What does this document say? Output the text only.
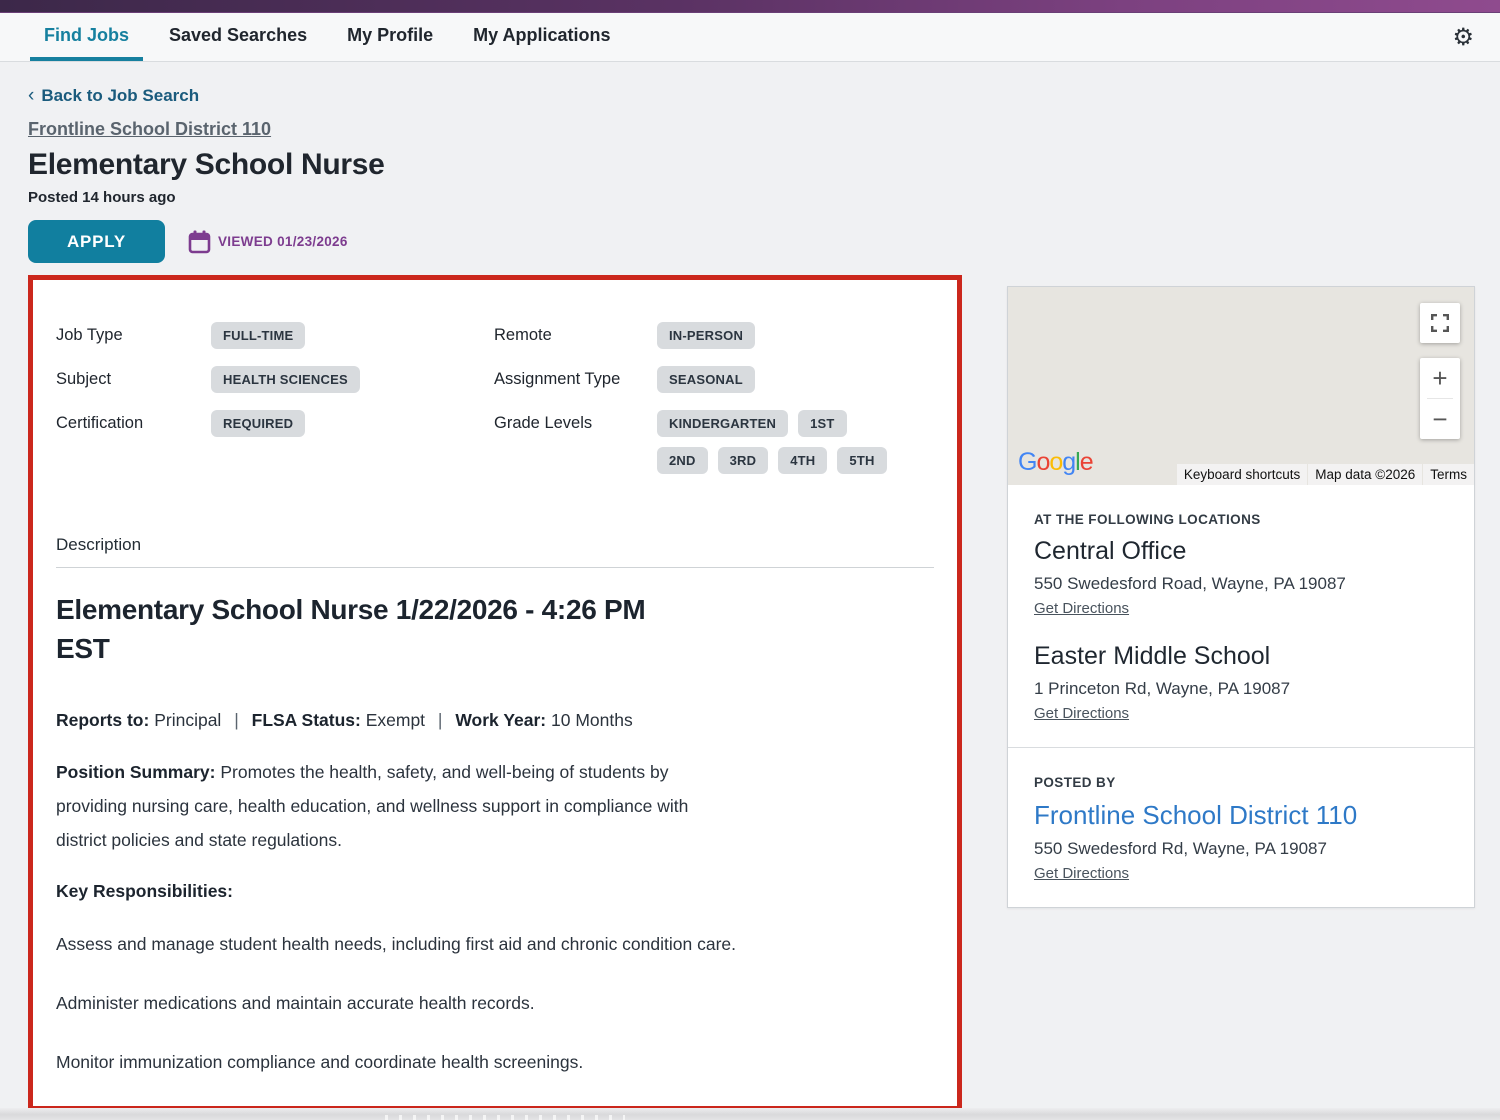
Find Jobs	Saved Searches	My Profile	My Applications	⚙
‹ Back to Job Search
Frontline School District 110
Elementary School Nurse
Posted 14 hours ago
APPLY	VIEWED 01/23/2026
Job Type	FULL-TIME
Subject	HEALTH SCIENCES
Certification	REQUIRED
Remote	IN-PERSON
Assignment Type	SEASONAL
Grade Levels	KINDERGARTEN	1ST
2ND	3RD	4TH	5TH
Description
Elementary School Nurse 1/22/2026 - 4:26 PM EST
Reports to: Principal | FLSA Status: Exempt | Work Year: 10 Months

Position Summary: Promotes the health, safety, and well-being of students by providing nursing care, health education, and wellness support in compliance with district policies and state regulations.

Key Responsibilities:

Assess and manage student health needs, including first aid and chronic condition care.

Administer medications and maintain accurate health records.

Monitor immunization compliance and coordinate health screenings.

+
−
Google	Keyboard shortcuts	Map data ©2026	Terms
AT THE FOLLOWING LOCATIONS
Central Office
550 Swedesford Road, Wayne, PA 19087
Get Directions
Easter Middle School
1 Princeton Rd, Wayne, PA 19087
Get Directions
POSTED BY
Frontline School District 110
550 Swedesford Rd, Wayne, PA 19087
Get Directions
